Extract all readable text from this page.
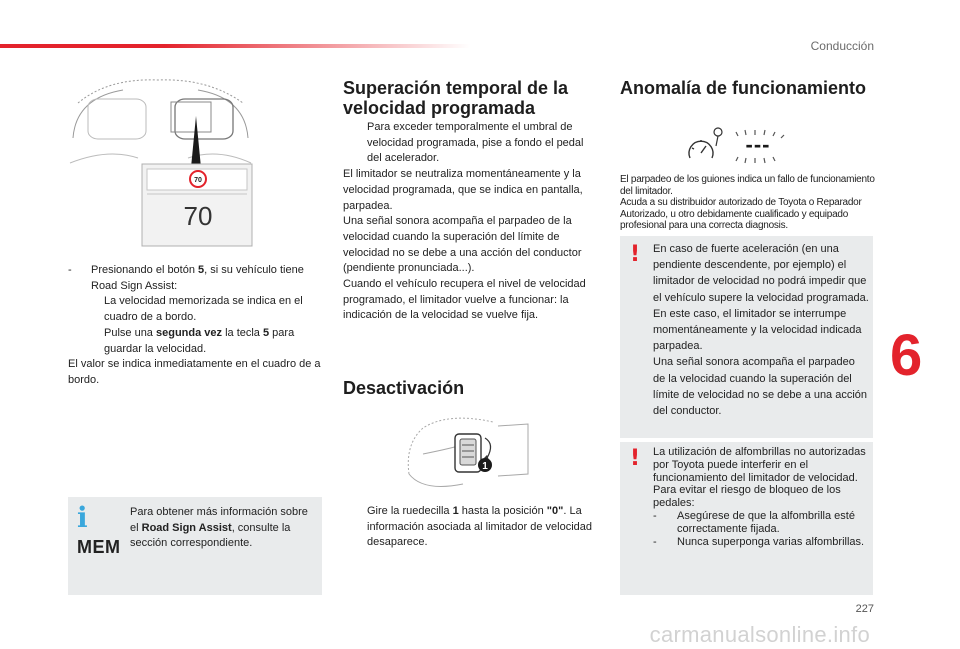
Conducción
6
227
carmanualsonline.info
70
70
- Presionando el botón 5, si su vehículo tiene Road Sign Assist:
La velocidad memorizada se indica en el cuadro de a bordo.
Pulse una segunda vez la tecla 5 para guardar la velocidad.
El valor se indica inmediatamente en el cuadro de a bordo.
i
MEM
Para obtener más información sobre el Road Sign Assist, consulte la sección correspondiente.
Superación temporal de la velocidad programada
Para exceder temporalmente el umbral de velocidad programada, pise a fondo el pedal del acelerador.
El limitador se neutraliza momentáneamente y la velocidad programada, que se indica en pantalla, parpadea.
Una señal sonora acompaña el parpadeo de la velocidad cuando la superación del límite de velocidad no se debe a una acción del conductor (pendiente pronunciada...).
Cuando el vehículo recupera el nivel de velocidad programado, el limitador vuelve a funcionar: la indicación de la velocidad se vuelve fija.
Desactivación
1
Gire la ruedecilla 1 hasta la posición "0". La información asociada al limitador de velocidad desaparece.
Anomalía de funcionamiento
---
El parpadeo de los guiones indica un fallo de funcionamiento del limitador.
Acuda a su distribuidor autorizado de Toyota o Reparador Autorizado, u otro debidamente cualificado y equipado profesional para una correcta diagnosis.
! En caso de fuerte aceleración (en una pendiente descendente, por ejemplo) el limitador de velocidad no podrá impedir que el vehículo supere la velocidad programada.
En este caso, el limitador se interrumpe momentáneamente y la velocidad indicada parpadea.
Una señal sonora acompaña el parpadeo de la velocidad cuando la superación del límite de velocidad no se debe a una acción del conductor.
! La utilización de alfombrillas no autorizadas por Toyota puede interferir en el funcionamiento del limitador de velocidad.
Para evitar el riesgo de bloqueo de los pedales:
- Asegúrese de que la alfombrilla esté correctamente fijada.
- Nunca superponga varias alfombrillas.
